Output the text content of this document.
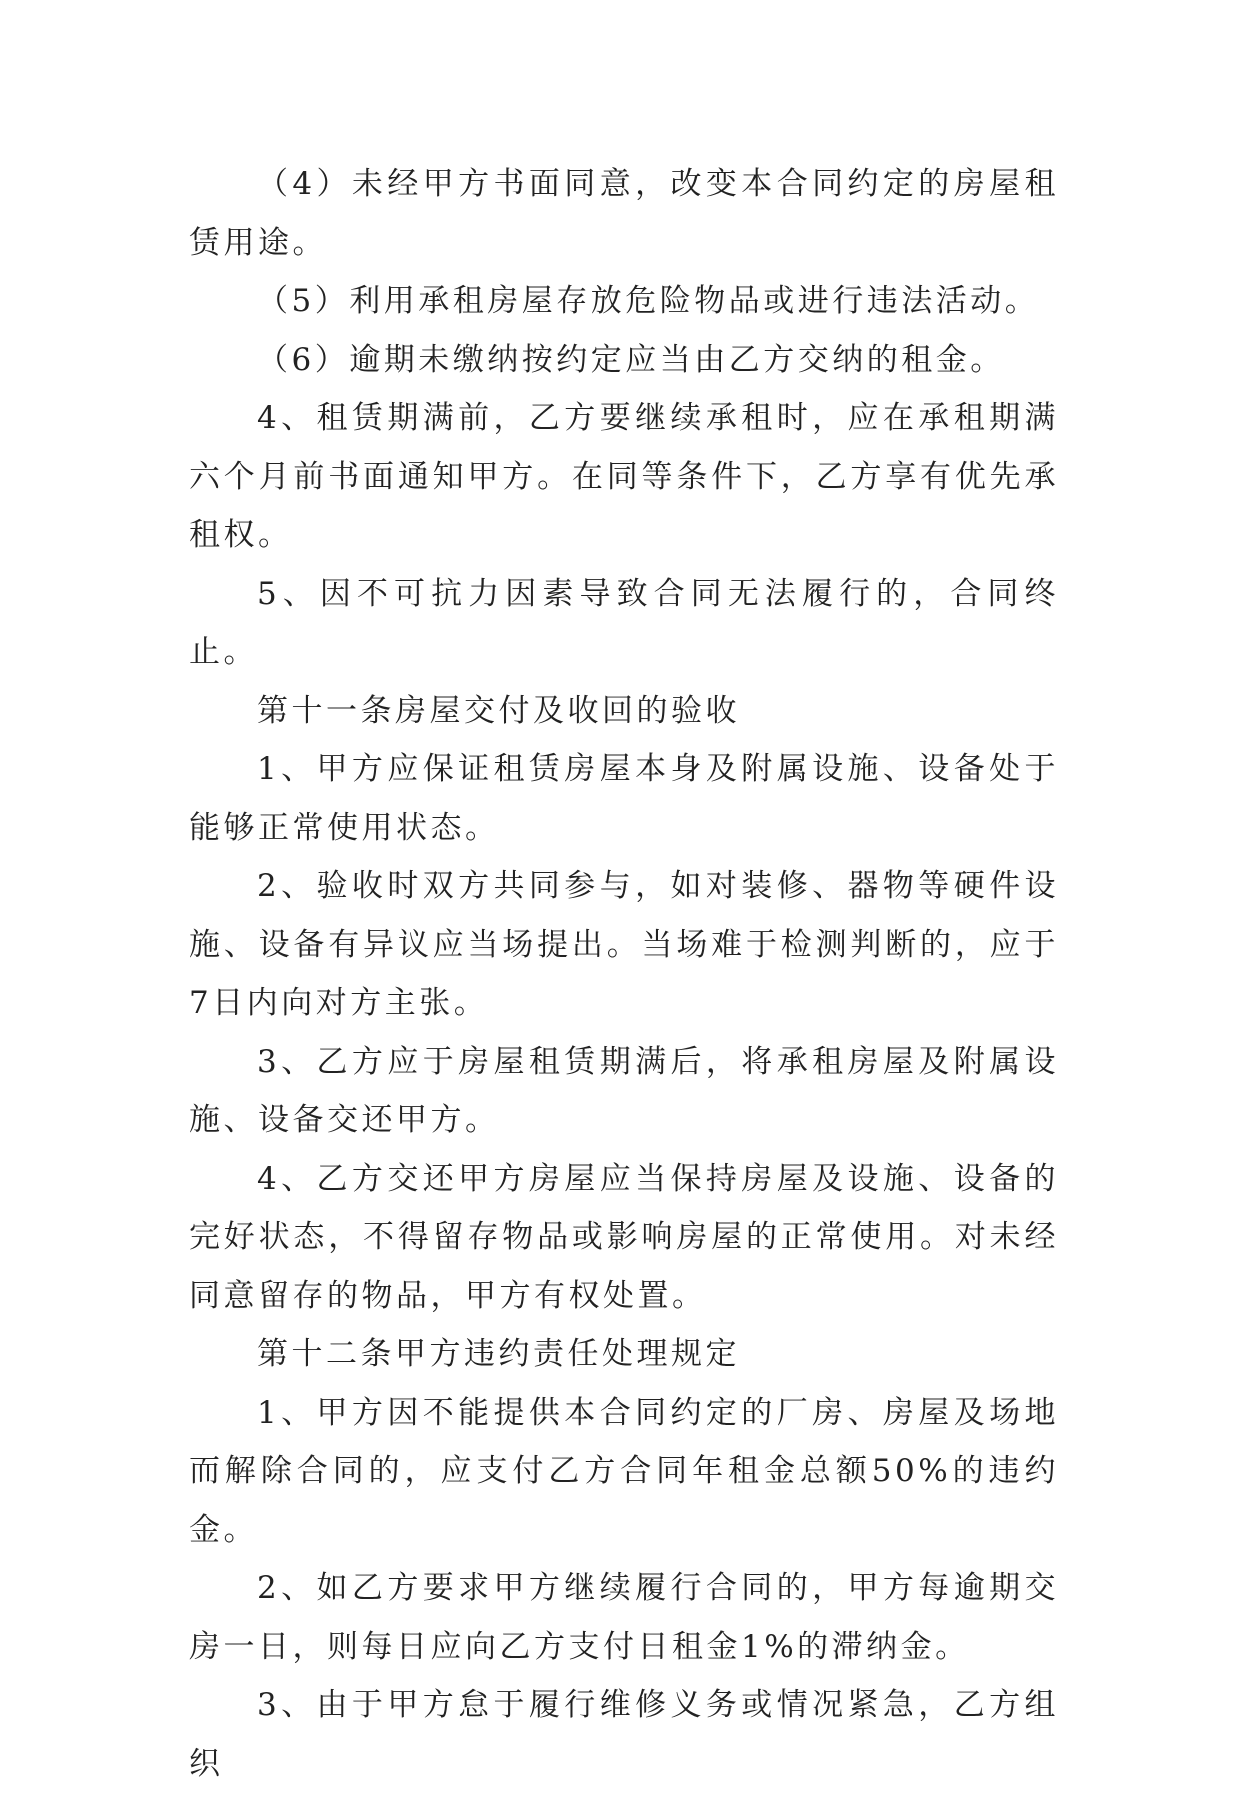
（4）未经甲方书面同意，改变本合同约定的房屋租赁用途。

（5）利用承租房屋存放危险物品或进行违法活动。

（6）逾期未缴纳按约定应当由乙方交纳的租金。

4、租赁期满前，乙方要继续承租时，应在承租期满六个月前书面通知甲方。在同等条件下，乙方享有优先承租权。

5、因不可抗力因素导致合同无法履行的，合同终止。

第十一条房屋交付及收回的验收

1、甲方应保证租赁房屋本身及附属设施、设备处于能够正常使用状态。

2、验收时双方共同参与，如对装修、器物等硬件设施、设备有异议应当场提出。当场难于检测判断的，应于7日内向对方主张。

3、乙方应于房屋租赁期满后，将承租房屋及附属设施、设备交还甲方。

4、乙方交还甲方房屋应当保持房屋及设施、设备的完好状态，不得留存物品或影响房屋的正常使用。对未经同意留存的物品，甲方有权处置。

第十二条甲方违约责任处理规定

1、甲方因不能提供本合同约定的厂房、房屋及场地而解除合同的，应支付乙方合同年租金总额50%的违约金。

2、如乙方要求甲方继续履行合同的，甲方每逾期交房一日，则每日应向乙方支付日租金1%的滞纳金。

3、由于甲方怠于履行维修义务或情况紧急，乙方组织
